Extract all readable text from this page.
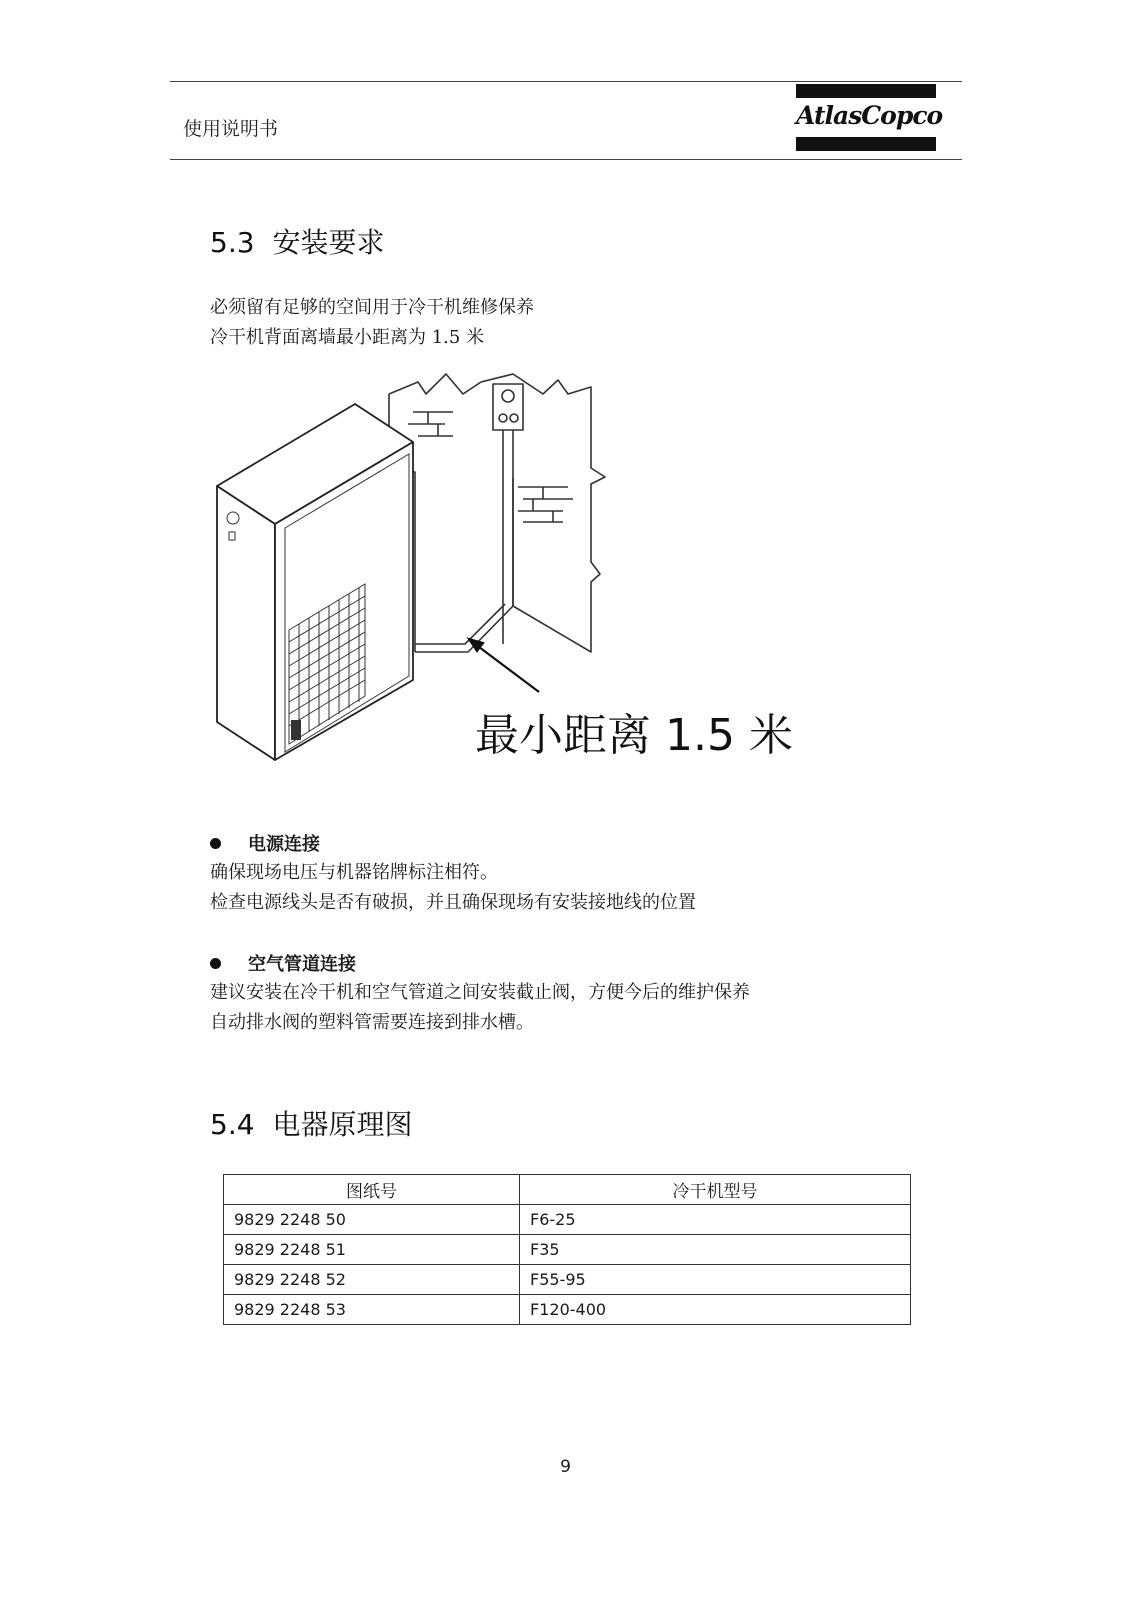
使用说明书	AtlasCopco
5.3 安装要求
必须留有足够的空间用于冷干机维修保养
冷干机背面离墙最小距离为 1.5 米
最小距离 1.5 米
电源连接
确保现场电压与机器铭牌标注相符。
检查电源线头是否有破损，并且确保现场有安装接地线的位置
空气管道连接
建议安装在冷干机和空气管道之间安装截止阀，方便今后的维护保养
自动排水阀的塑料管需要连接到排水槽。
5.4 电器原理图
图纸号	冷干机型号
9829 2248 50	F6-25
9829 2248 51	F35
9829 2248 52	F55-95
9829 2248 53	F120-400
9
